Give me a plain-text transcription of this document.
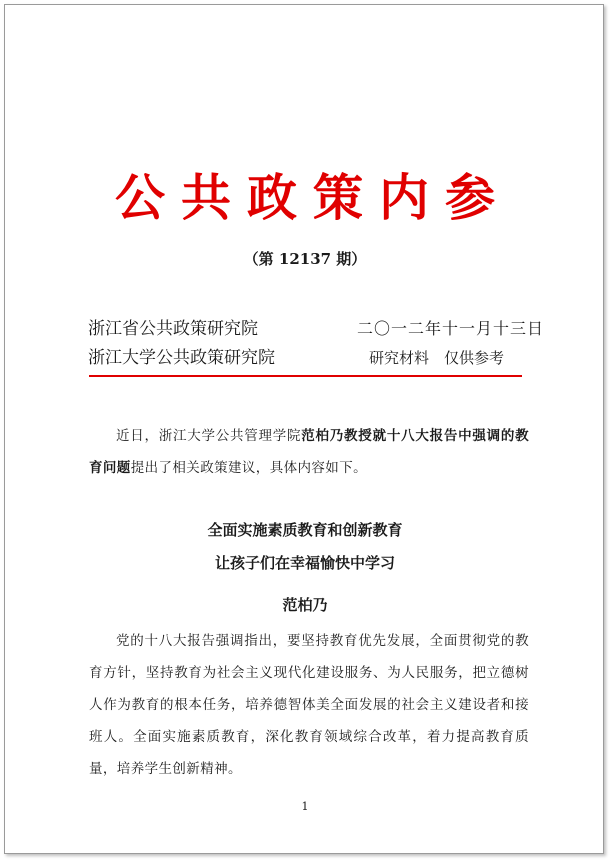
公共政策内参
（第 12137 期）
浙江省公共政策研究院	二〇一二年十一月十三日
浙江大学公共政策研究院	研究材料　仅供参考

近日，浙江大学公共管理学院范柏乃教授就十八大报告中强调的教育问题提出了相关政策建议，具体内容如下。

全面实施素质教育和创新教育
让孩子们在幸福愉快中学习
范柏乃

党的十八大报告强调指出，要坚持教育优先发展，全面贯彻党的教育方针，坚持教育为社会主义现代化建设服务、为人民服务，把立德树人作为教育的根本任务，培养德智体美全面发展的社会主义建设者和接班人。全面实施素质教育，深化教育领域综合改革，着力提高教育质量，培养学生创新精神。

1
